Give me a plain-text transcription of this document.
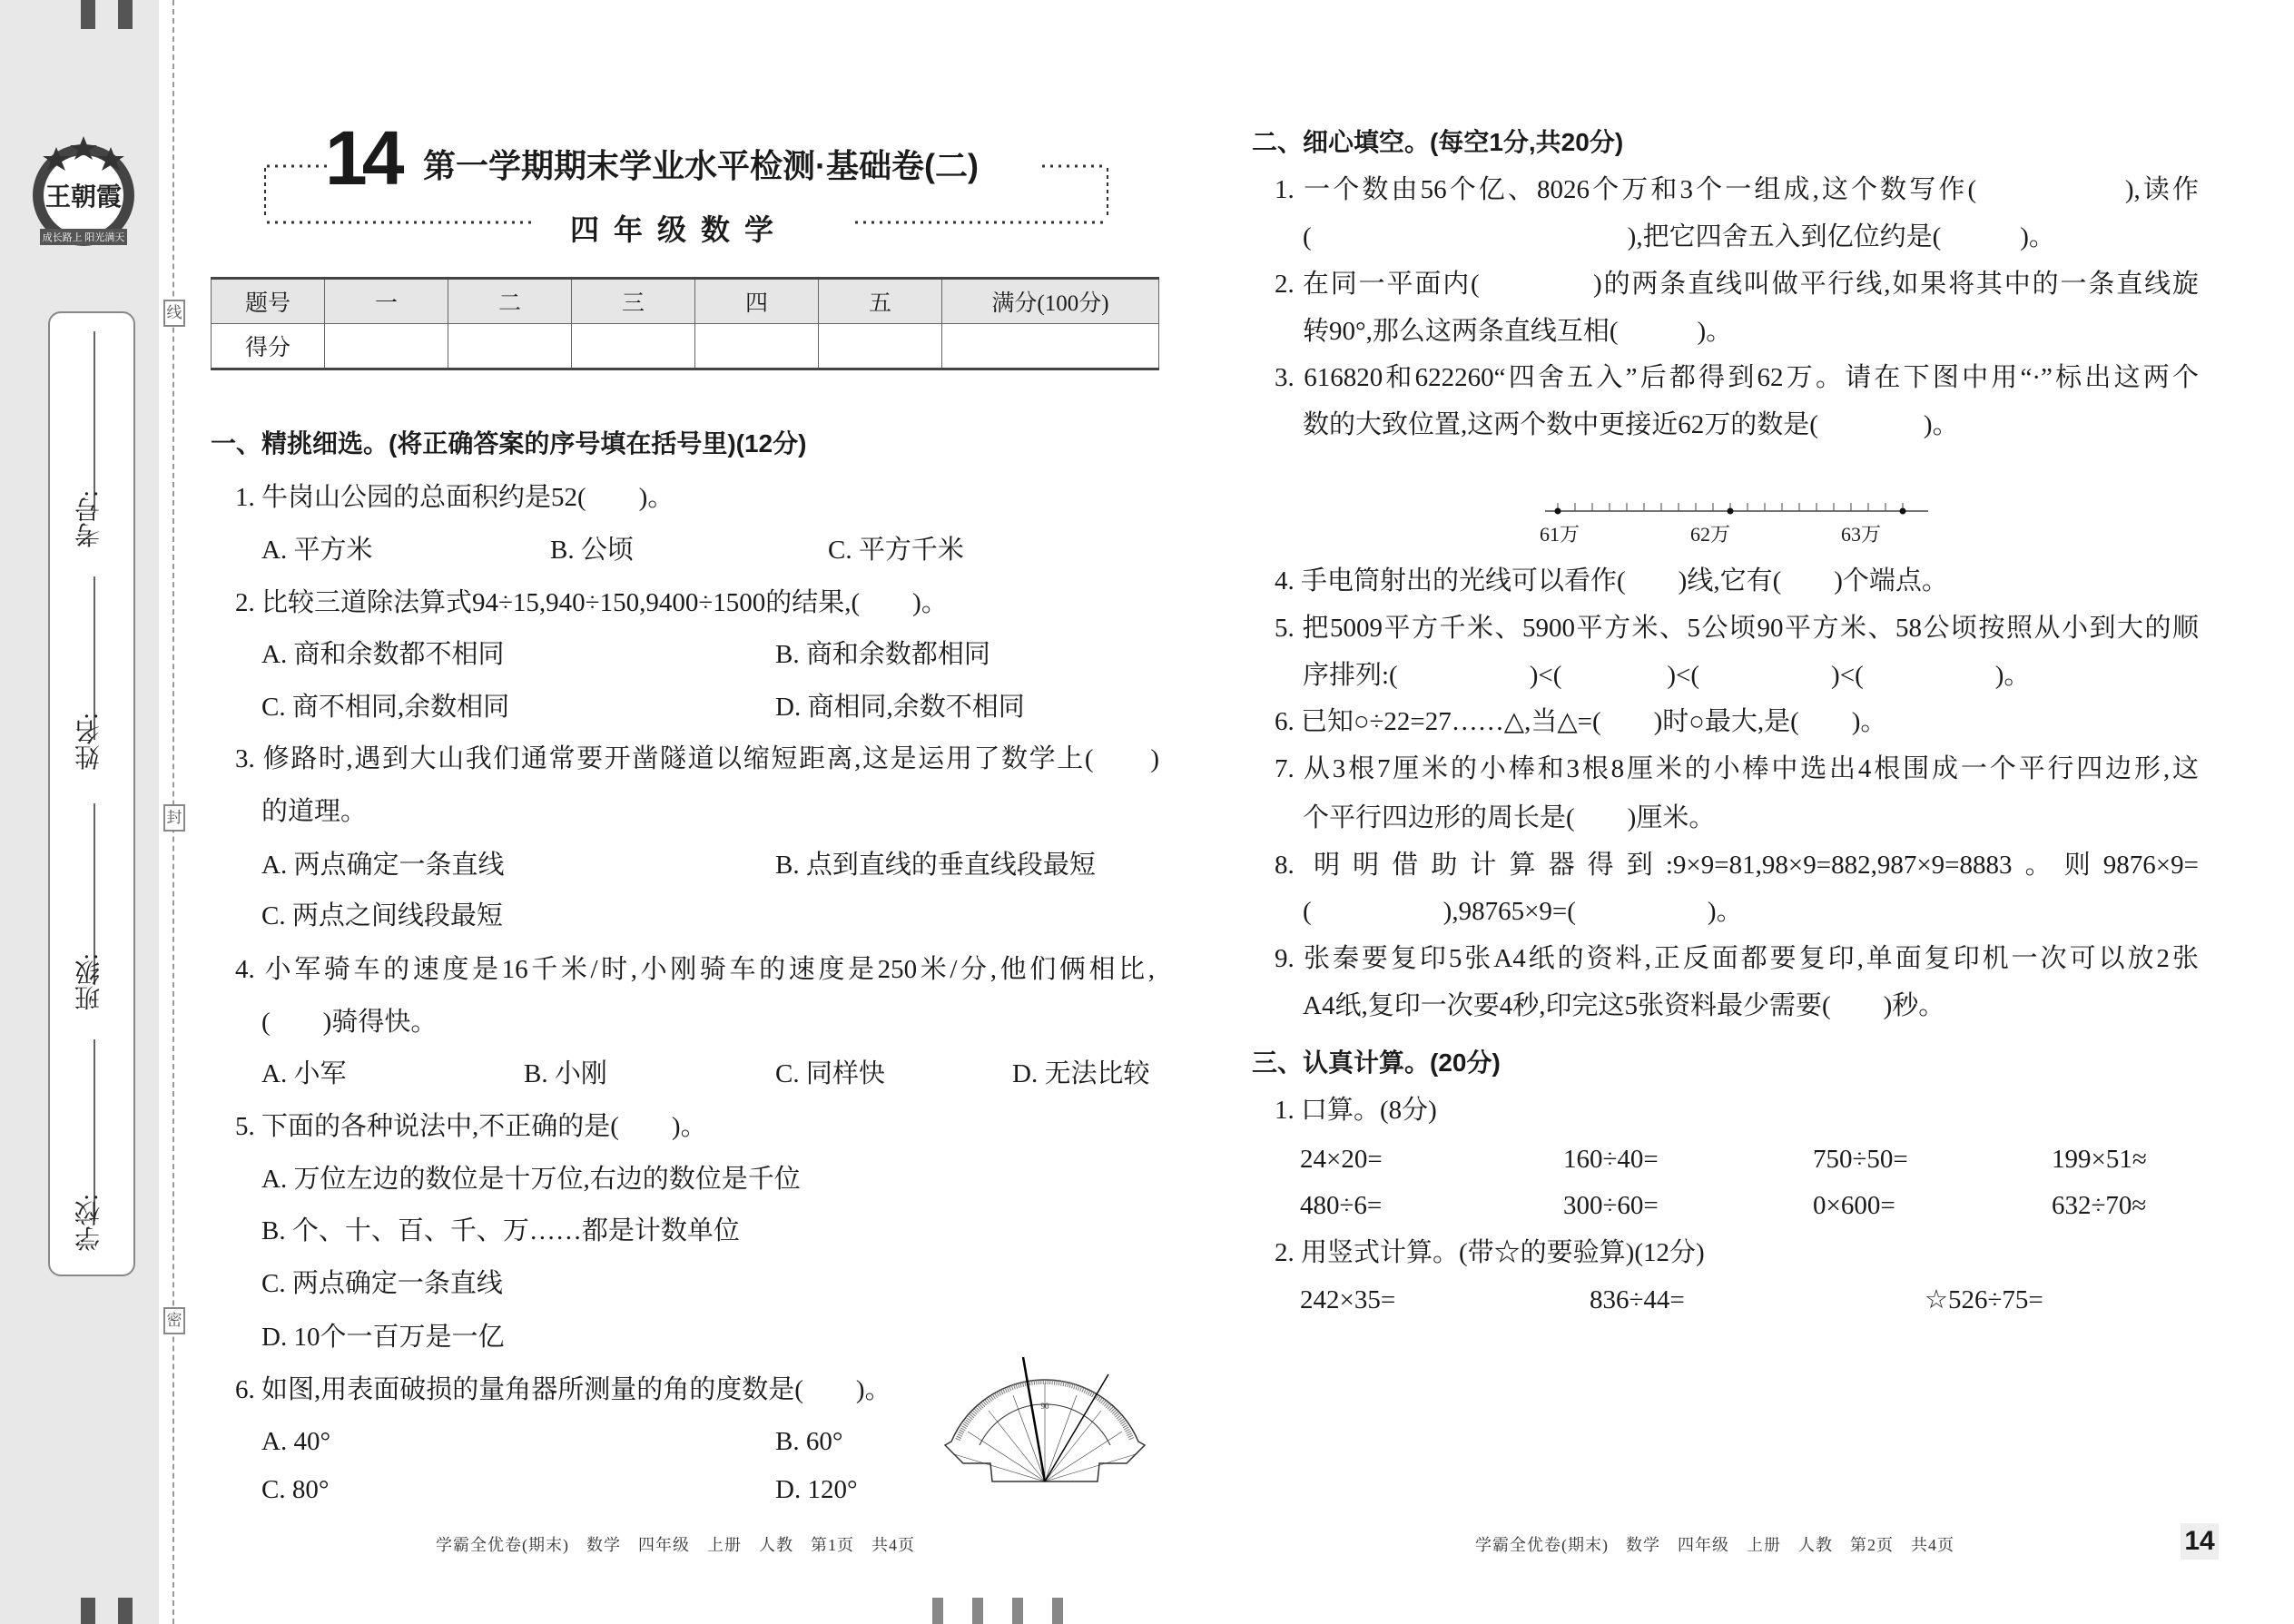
王朝霞
成长路上 阳光满天
线
封
密
考号:
姓名:
班级:
学校:
14 第一学期期末学业水平检测·基础卷(二)
四年级数学
题号	一	二	三	四	五	满分(100分)
得分						
一、精挑细选。(将正确答案的序号填在括号里)(12分)
1. 牛岗山公园的总面积约是52(　　)。
A. 平方米	B. 公顷	C. 平方千米
2. 比较三道除法算式94÷15,940÷150,9400÷1500的结果,(　　)。
A. 商和余数都不相同	B. 商和余数都相同
C. 商不相同,余数相同	D. 商相同,余数不相同
3. 修路时,遇到大山我们通常要开凿隧道以缩短距离,这是运用了数学上(　　)
的道理。
A. 两点确定一条直线	B. 点到直线的垂直线段最短
C. 两点之间线段最短
4. 小军骑车的速度是16千米/时,小刚骑车的速度是250米/分,他们俩相比,
(　　)骑得快。
A. 小军	B. 小刚	C. 同样快	D. 无法比较
5. 下面的各种说法中,不正确的是(　　)。
A. 万位左边的数位是十万位,右边的数位是千位
B. 个、十、百、千、万……都是计数单位
C. 两点确定一条直线
D. 10个一百万是一亿
6. 如图,用表面破损的量角器所测量的角的度数是(　　)。
A. 40°	B. 60°
C. 80°	D. 120°
90
二、细心填空。(每空1分,共20分)
1. 一个数由56个亿、8026个万和3个一组成,这个数写作(　　　　　),读作
(　　　　　　　　　　　　),把它四舍五入到亿位约是(　　　)。
2. 在同一平面内(　　　　)的两条直线叫做平行线,如果将其中的一条直线旋
转90°,那么这两条直线互相(　　　)。
3. 616820和622260“四舍五入”后都得到62万。请在下图中用“·”标出这两个
数的大致位置,这两个数中更接近62万的数是(　　　　)。
61万	62万	63万
4. 手电筒射出的光线可以看作(　　)线,它有(　　)个端点。
5. 把5009平方千米、5900平方米、5公顷90平方米、58公顷按照从小到大的顺
序排列:(　　　　　)<(　　　　)<(　　　　　)<(　　　　　)。
6. 已知○÷22=27……△,当△=(　　)时○最大,是(　　)。
7. 从3根7厘米的小棒和3根8厘米的小棒中选出4根围成一个平行四边形,这
个平行四边形的周长是(　　)厘米。
8. 明明借助计算器得到:9×9=81,98×9=882,987×9=8883。则9876×9=
(　　　　　),98765×9=(　　　　　)。
9. 张秦要复印5张A4纸的资料,正反面都要复印,单面复印机一次可以放2张
A4纸,复印一次要4秒,印完这5张资料最少需要(　　)秒。
三、认真计算。(20分)
1. 口算。(8分)
24×20=	160÷40=	750÷50=	199×51≈
480÷6=	300÷60=	0×600=	632÷70≈
2. 用竖式计算。(带☆的要验算)(12分)
242×35=	836÷44=	☆526÷75=
学霸全优卷(期末)　数学　四年级　上册　人教　第1页　共4页	学霸全优卷(期末)　数学　四年级　上册　人教　第2页　共4页	14
